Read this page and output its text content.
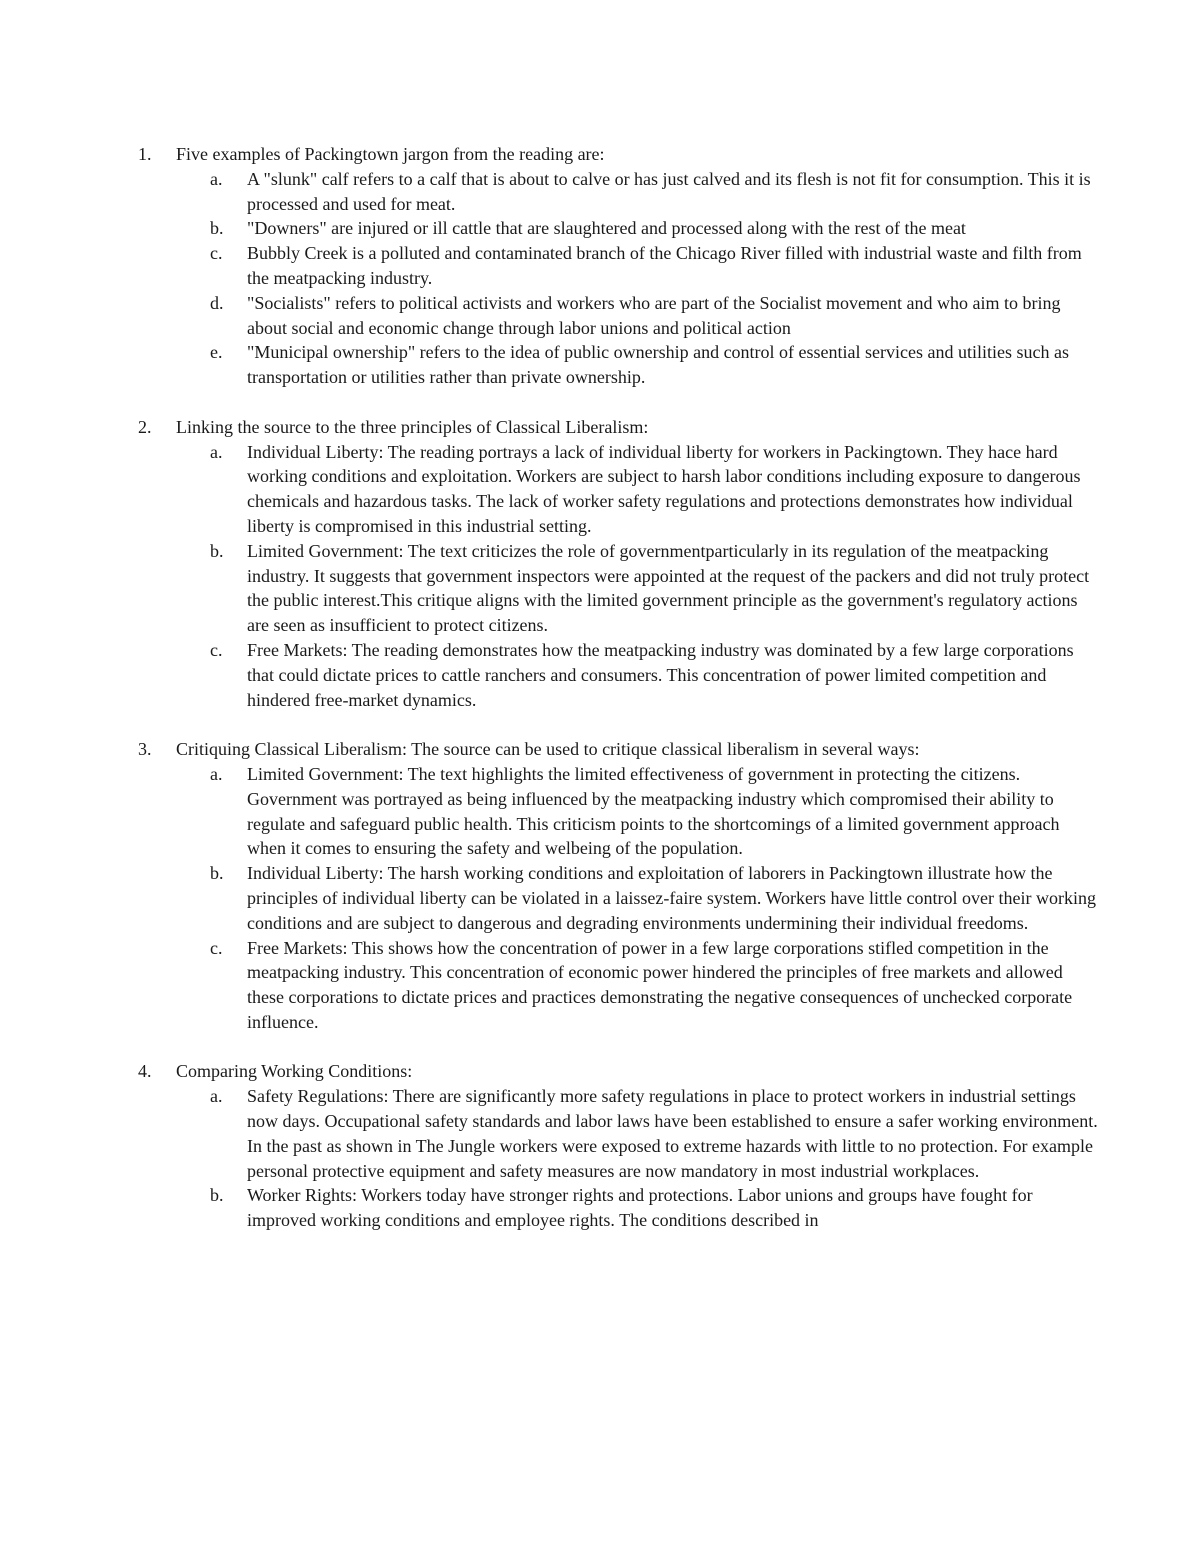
1.	Five examples of Packingtown jargon from the reading are:
a.	A "slunk" calf refers to a calf that is about to calve or has just calved and its flesh is not fit for consumption. This it is processed and used for meat.
b.	"Downers" are injured or ill cattle that are slaughtered and processed along with the rest of the meat
c.	Bubbly Creek is a polluted and contaminated branch of the Chicago River filled with industrial waste and filth from the meatpacking industry.
d.	"Socialists" refers to political activists and workers who are part of the Socialist movement and who aim to bring about social and economic change through labor unions and political action
e.	"Municipal ownership" refers to the idea of public ownership and control of essential services and utilities such as transportation or utilities rather than private ownership.
2.	Linking the source to the three principles of Classical Liberalism:
a.	Individual Liberty: The reading portrays a lack of individual liberty for workers in Packingtown. They hace hard working conditions and exploitation. Workers are subject to harsh labor conditions including exposure to dangerous chemicals and hazardous tasks. The lack of worker safety regulations and protections demonstrates how individual liberty is compromised in this industrial setting.
b.	Limited Government: The text criticizes the role of governmentparticularly in its regulation of the meatpacking industry. It suggests that government inspectors were appointed at the request of the packers and did not truly protect the public interest.This critique aligns with the limited government principle as the government's regulatory actions are seen as insufficient to protect citizens.
c.	Free Markets: The reading demonstrates how the meatpacking industry was dominated by a few large corporations that could dictate prices to cattle ranchers and consumers. This concentration of power limited competition and hindered free-market dynamics.
3.	Critiquing Classical Liberalism: The source can be used to critique classical liberalism in several ways:
a.	Limited Government: The text highlights the limited effectiveness of government in protecting the citizens. Government was portrayed as being influenced by the meatpacking industry which compromised their ability to regulate and safeguard public health. This criticism points to the shortcomings of a limited government approach when it comes to ensuring the safety and welbeing of the population.
b.	Individual Liberty: The harsh working conditions and exploitation of laborers in Packingtown illustrate how the principles of individual liberty can be violated in a laissez-faire system. Workers have little control over their working conditions and are subject to dangerous and degrading environments undermining their individual freedoms.
c.	Free Markets: This shows how the concentration of power in a few large corporations stifled competition in the meatpacking industry. This concentration of economic power hindered the principles of free markets and allowed these corporations to dictate prices and practices demonstrating the negative consequences of unchecked corporate influence.
4.	Comparing Working Conditions:
a.	Safety Regulations: There are significantly more safety regulations in place to protect workers in industrial settings now days. Occupational safety standards and labor laws have been established to ensure a safer working environment. In the past as shown in The Jungle workers were exposed to extreme hazards with little to no protection. For example personal protective equipment and safety measures are now mandatory in most industrial workplaces.
b.	Worker Rights: Workers today have stronger rights and protections. Labor unions and groups have fought for improved working conditions and employee rights. The conditions described in
